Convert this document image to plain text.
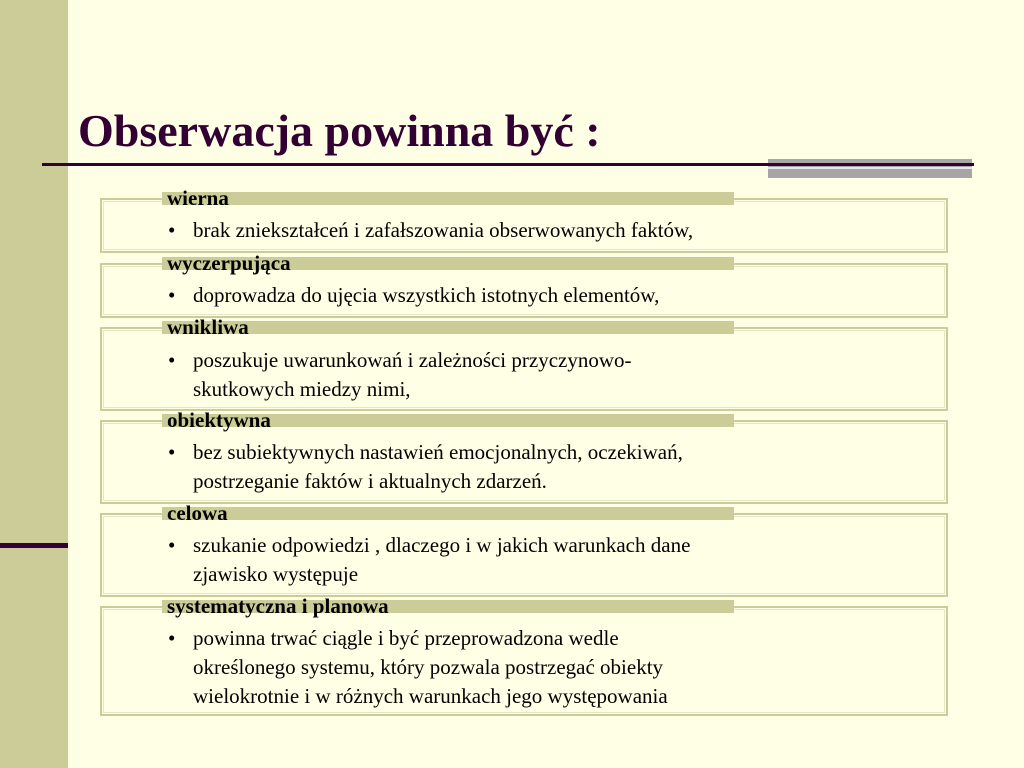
Obserwacja powinna być :
wierna
• brak zniekształceń i zafałszowania obserwowanych faktów,
wyczerpująca
• doprowadza do ujęcia wszystkich istotnych elementów,
wnikliwa
• poszukuje uwarunkowań i zależności przyczynowo-
skutkowych miedzy nimi,
obiektywna
• bez subiektywnych nastawień emocjonalnych, oczekiwań,
postrzeganie faktów i aktualnych zdarzeń.
celowa
• szukanie odpowiedzi , dlaczego i w jakich warunkach dane
zjawisko występuje
systematyczna i planowa
• powinna trwać ciągle i być przeprowadzona wedle
określonego systemu, który pozwala postrzegać obiekty
wielokrotnie i w różnych warunkach jego występowania
